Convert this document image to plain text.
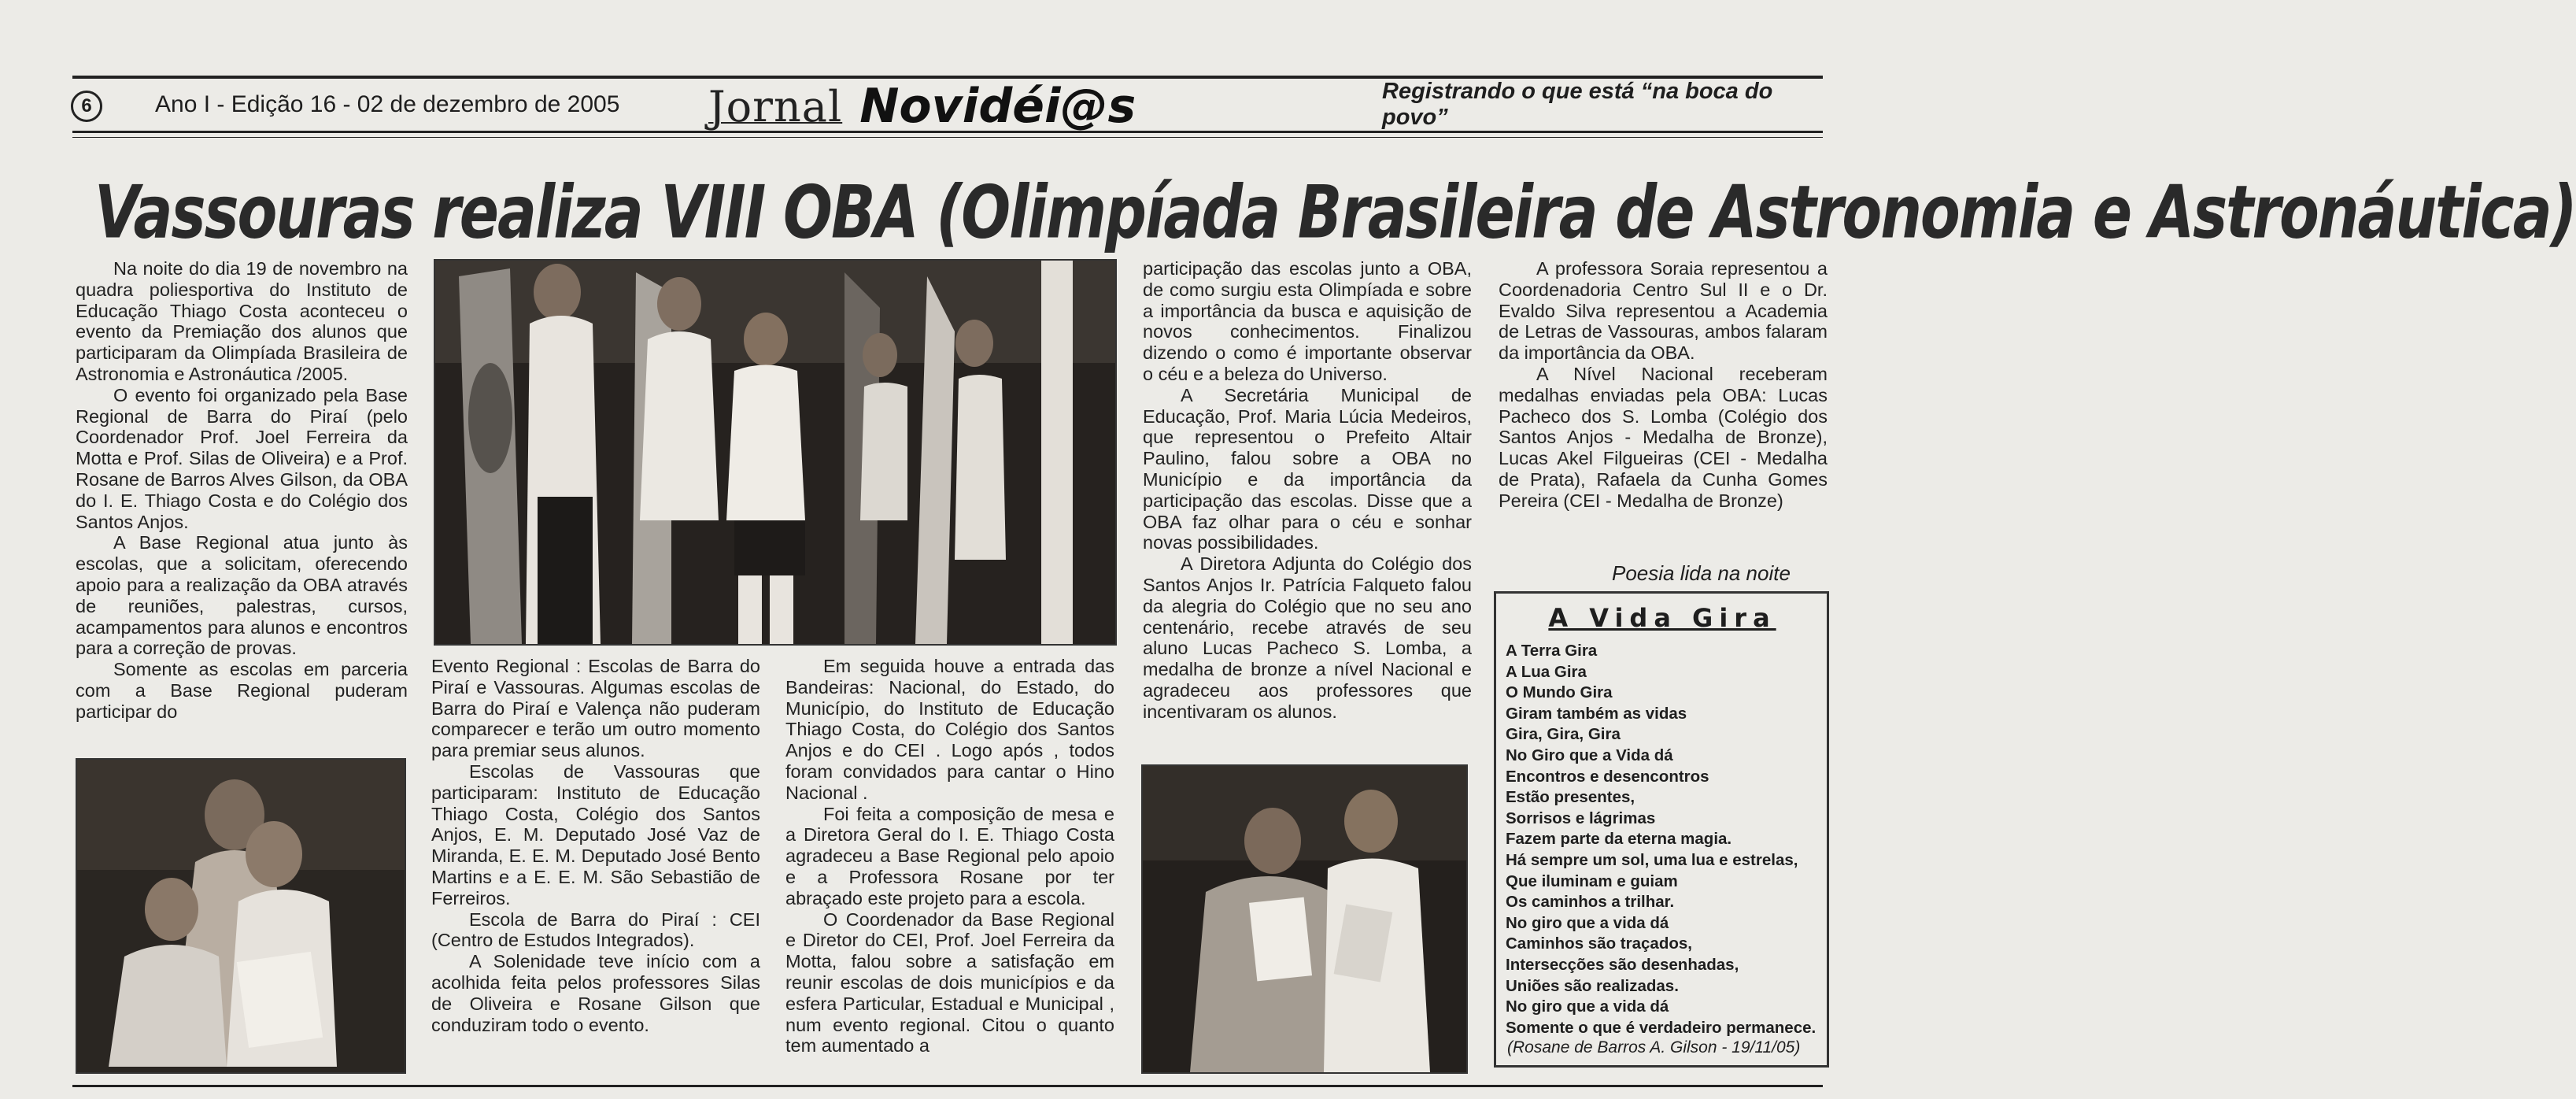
6	Ano I - Edição 16 - 02 de dezembro de 2005 Jornal Novidéi@s	Registrando o que está “na boca do povo”
Vassouras realiza VIII OBA (Olimpíada Brasileira de Astronomia e Astronáutica)

Na noite do dia 19 de novembro na quadra poliesportiva do Instituto de Educação Thiago Costa aconteceu o evento da Premiação dos alunos que participaram da Olimpíada Brasileira de Astronomia e Astronáutica /2005.

O evento foi organizado pela Base Regional de Barra do Piraí (pelo Coordenador Prof. Joel Ferreira da Motta e Prof. Silas de Oliveira) e a Prof. Rosane de Barros Alves Gilson, da OBA do I. E. Thiago Costa e do Colégio dos Santos Anjos.

A Base Regional atua junto às escolas, que a solicitam, oferecendo apoio para a realização da OBA através de reuniões, palestras, cursos, acampamentos para alunos e encontros para a correção de provas.

Somente as escolas em parceria com a Base Regional puderam participar do

Evento Regional : Escolas de Barra do Piraí e Vassouras. Algumas escolas de Barra do Piraí e Valença não puderam comparecer e terão um outro momento para premiar seus alunos.

Escolas de Vassouras que participaram: Instituto de Educação Thiago Costa, Colégio dos Santos Anjos, E. M. Deputado José Vaz de Miranda, E. E. M. Deputado José Bento Martins e a E. E. M. São Sebastião de Ferreiros.

Escola de Barra do Piraí : CEI (Centro de Estudos Integrados).

A Solenidade teve início com a acolhida feita pelos professores Silas de Oliveira e Rosane Gilson que conduziram todo o evento.

Em seguida houve a entrada das Bandeiras: Nacional, do Estado, do Município, do Instituto de Educação Thiago Costa, do Colégio dos Santos Anjos e do CEI . Logo após , todos foram convidados para cantar o Hino Nacional .

Foi feita a composição de mesa e a Diretora Geral do I. E. Thiago Costa agradeceu a Base Regional pelo apoio e a Professora Rosane por ter abraçado este projeto para a escola.

O Coordenador da Base Regional e Diretor do CEI, Prof. Joel Ferreira da Motta, falou sobre a satisfação em reunir escolas de dois municípios e da esfera Particular, Estadual e Municipal , num evento regional. Citou o quanto tem aumentado a

participação das escolas junto a OBA, de como surgiu esta Olimpíada e sobre a importância da busca e aquisição de novos conhecimentos. Finalizou dizendo o como é importante observar o céu e a beleza do Universo.

A Secretária Municipal de Educação, Prof. Maria Lúcia Medeiros, que representou o Prefeito Altair Paulino, falou sobre a OBA no Município e da importância da participação das escolas. Disse que a OBA faz olhar para o céu e sonhar novas possibilidades.

A Diretora Adjunta do Colégio dos Santos Anjos Ir. Patrícia Falqueto falou da alegria do Colégio que no seu ano centenário, recebe através de seu aluno Lucas Pacheco S. Lomba, a medalha de bronze a nível Nacional e agradeceu aos professores que incentivaram os alunos.

A professora Soraia representou a Coordenadoria Centro Sul II e o Dr. Evaldo Silva representou a Academia de Letras de Vassouras, ambos falaram da importância da OBA.

A Nível Nacional receberam medalhas enviadas pela OBA: Lucas Pacheco dos S. Lomba (Colégio dos Santos Anjos - Medalha de Bronze), Lucas Akel Filgueiras (CEI - Medalha de Prata), Rafaela da Cunha Gomes Pereira (CEI - Medalha de Bronze)

Poesia lida na noite
A Vida Gira
A Terra Gira
A Lua Gira
O Mundo Gira
Giram também as vidas
Gira, Gira, Gira
No Giro que a Vida dá
Encontros e desencontros
Estão presentes,
Sorrisos e lágrimas
Fazem parte da eterna magia.
Há sempre um sol, uma lua e estrelas,
Que iluminam e guiam
Os caminhos a trilhar.
No giro que a vida dá
Caminhos são traçados,
Intersecções são desenhadas,
Uniões são realizadas.
No giro que a vida dá
Somente o que é verdadeiro permanece.
(Rosane de Barros A. Gilson - 19/11/05)
